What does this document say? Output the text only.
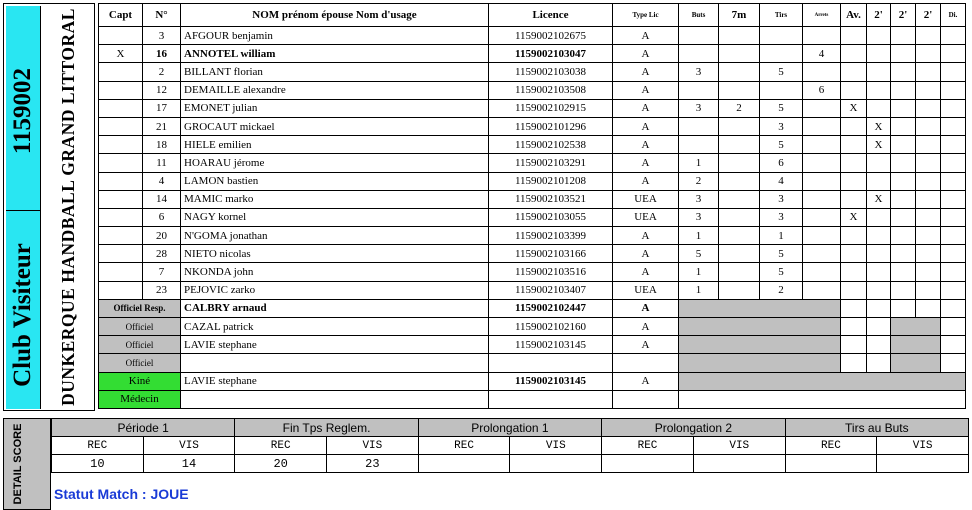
1159002
Club Visiteur DUNKERQUE HANDBALL GRAND LITTORAL	Capt	N°	NOM prénom épouse Nom d'usage	Licence	Type Lic	Buts	7m	Tirs	Arrets	Av.	2'	2'	2'	Di.
	3	AFGOUR benjamin	1159002102675	A									
X	16	ANNOTEL william	1159002103047	A				4					
	2	BILLANT florian	1159002103038	A	3		5						
	12	DEMAILLE alexandre	1159002103508	A				6					
	17	EMONET julian	1159002102915	A	3	2	5		X				
	21	GROCAUT mickael	1159002101296	A			3			X			
	18	HIELE emilien	1159002102538	A			5			X			
	11	HOARAU jérome	1159002103291	A	1		6						
	4	LAMON bastien	1159002101208	A	2		4						
	14	MAMIC marko	1159002103521	UEA	3		3			X			
	6	NAGY kornel	1159002103055	UEA	3		3		X				
	20	N'GOMA jonathan	1159002103399	A	1		1						
	28	NIETO nicolas	1159002103166	A	5		5						
	7	NKONDA john	1159002103516	A	1		5						
	23	PEJOVIC zarko	1159002103407	UEA	1		2						
Officiel Resp.		CALBRY arnaud	1159002102447	A									
Officiel		CAZAL patrick	1159002102160	A									
Officiel		LAVIE stephane	1159002103145	A									
Officiel													
Kiné		LAVIE stephane	1159002103145	A									
Médecin													
DETAIL SCORE	Période 1		Fin Tps Reglem.		Prolongation 1		Prolongation 2		Tirs au Buts	
REC	VIS	REC	VIS	REC	VIS	REC	VIS	REC	VIS
10	14	20	23						
Statut Match : JOUE
